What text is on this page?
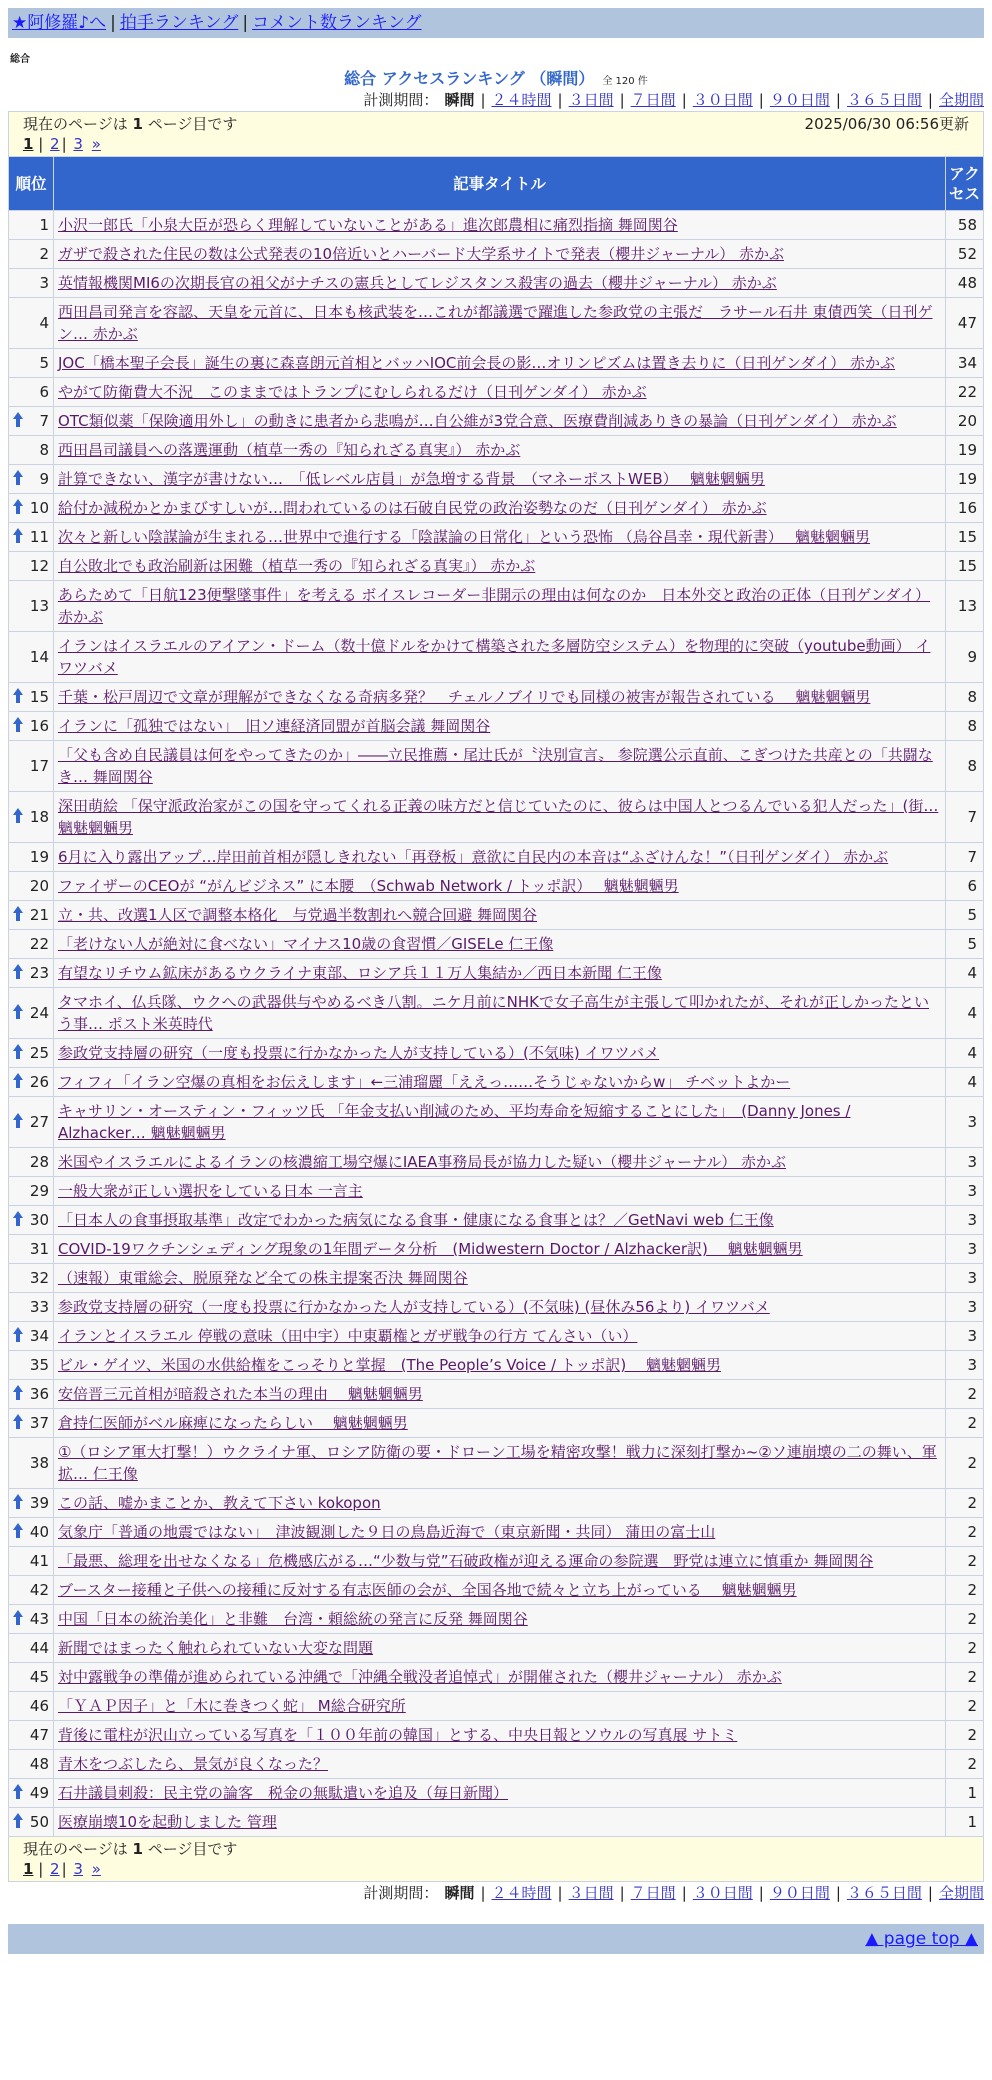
★阿修羅♪へ | 拍手ランキング | コメント数ランキング
総合
総合 アクセスランキング （瞬間） 全 120 件
計測期間： 瞬間 | ２４時間 | ３日間 | ７日間 | ３０日間 | ９０日間 | ３６５日間 | 全期間
現在のページは 1 ページ目です 2025/06/30 06:56更新
1 | 2 | 3 »		

順位	記事タイトル	アクセス
1	小沢一郎氏「小泉大臣が恐らく理解していないことがある」進次郎農相に痛烈指摘 舞岡関谷	58
2	ガザで殺された住民の数は公式発表の10倍近いとハーバード大学系サイトで発表（櫻井ジャーナル） 赤かぶ	52
3	英情報機関MI6の次期長官の祖父がナチスの憲兵としてレジスタンス殺害の過去（櫻井ジャーナル） 赤かぶ	48
4	西田昌司発言を容認、天皇を元首に、日本も核武装を…これが都議選で躍進した参政党の主張だ　ラサール石井 東債西笑（日刊ゲン… 赤かぶ	47
5	JOC「橋本聖子会長」誕生の裏に森喜朗元首相とバッハIOC前会長の影…オリンピズムは置き去りに（日刊ゲンダイ） 赤かぶ	34
6	やがて防衛費大不況　このままではトランプにむしられるだけ（日刊ゲンダイ） 赤かぶ	22

7	OTC類似薬「保険適用外し」の動きに患者から悲鳴が…自公維が3党合意、医療費削減ありきの暴論（日刊ゲンダイ） 赤かぶ	20
8	西田昌司議員への落選運動（植草一秀の『知られざる真実』） 赤かぶ	19

9	計算できない、漢字が書けない…　「低レベル店員」が急増する背景　（マネーポストWEB）　 魑魅魍魎男	19

10	給付か減税かとかまびすしいが…問われているのは石破自民党の政治姿勢なのだ（日刊ゲンダイ） 赤かぶ	16

11	次々と新しい陰謀論が生まれる…世界中で進行する「陰謀論の日常化」という恐怖 （烏谷昌幸・現代新書）　 魑魅魍魎男	15
12	自公敗北でも政治刷新は困難（植草一秀の『知られざる真実』） 赤かぶ	15
13	あらためて「日航123便撃墜事件」を考える ボイスレコーダー非開示の理由は何なのか　日本外交と政治の正体（日刊ゲンダイ） 赤かぶ	13
14	イランはイスラエルのアイアン・ドーム（数十億ドルをかけて構築された多層防空システム）を物理的に突破（youtube動画） イワツバメ	9

15	千葉・松戸周辺で文章が理解ができなくなる奇病多発？　チェルノブイリでも同様の被害が報告されている　 魑魅魍魎男	8

16	イランに「孤独ではない」　旧ソ連経済同盟が首脳会議 舞岡関谷	8
17	「父も含め自民議員は何をやってきたのか」――立民推薦・尾辻氏が〝決別宣言〟 参院選公示直前、こぎつけた共産との「共闘なき… 舞岡関谷	8

18	深田萌絵 「保守派政治家がこの国を守ってくれる正義の味方だと信じていたのに、彼らは中国人とつるんでいる犯人だった」(街… 魑魅魍魎男	7
19	6月に入り露出アップ…岸田前首相が隠しきれない「再登板」意欲に自民内の本音は“ふざけんな！”（日刊ゲンダイ） 赤かぶ	7
20	ファイザーのCEOが “がんビジネス” に本腰　（Schwab Network / トッポ訳）　 魑魅魍魎男	6

21	立・共、改選1人区で調整本格化　与党過半数割れへ競合回避 舞岡関谷	5
22	「老けない人が絶対に食べない」マイナス10歳の食習慣／GISELe 仁王像	5

23	有望なリチウム鉱床があるウクライナ東部、ロシア兵１１万人集結か／西日本新聞 仁王像	4

24	タマホイ、仏兵隊、ウクへの武器供与やめるべき八割。ニケ月前にNHKで女子高生が主張して叩かれたが、それが正しかったという事… ポスト米英時代	4

25	参政党支持層の研究（一度も投票に行かなかった人が支持している）(不気味) イワツバメ	4

26	フィフィ「イラン空爆の真相をお伝えします」←三浦瑠麗「ええっ……そうじゃないからw」 チベットよかー	4

27	キャサリン・オースティン・フィッツ氏 「年金支払い削減のため、平均寿命を短縮することにした」　(Danny Jones / Alzhacker… 魑魅魍魎男	3
28	米国やイスラエルによるイランの核濃縮工場空爆にIAEA事務局長が協力した疑い（櫻井ジャーナル） 赤かぶ	3
29	一般大衆が正しい選択をしている日本 一言主	3

30	「日本人の食事摂取基準」改定でわかった病気になる食事・健康になる食事とは？／GetNavi web 仁王像	3
31	COVID-19ワクチンシェディング現象の1年間データ分析　(Midwestern Doctor / Alzhacker訳)　 魑魅魍魎男	3
32	（速報）東電総会、脱原発など全ての株主提案否決 舞岡関谷	3
33	参政党支持層の研究（一度も投票に行かなかった人が支持している）(不気味) (昼休み56より) イワツバメ	3

34	イランとイスラエル 停戦の意味（田中宇）中東覇権とガザ戦争の行方 てんさい（い）	3
35	ビル・ゲイツ、米国の水供給権をこっそりと掌握　(The People’s Voice / トッポ訳)　 魑魅魍魎男	3

36	安倍晋三元首相が暗殺された本当の理由　 魑魅魍魎男	2

37	倉持仁医師がベル麻痺になったらしい　 魑魅魍魎男	2
38	①（ロシア軍大打撃！）ウクライナ軍、ロシア防衛の要・ドローン工場を精密攻撃！戦力に深刻打撃か~②ソ連崩壊の二の舞い、軍拡… 仁王像	2

39	この話、嘘かまことか、教えて下さい kokopon	2

40	気象庁「普通の地震ではない」　津波観測した９日の鳥島近海で（東京新聞・共同） 蒲田の富士山	2
41	「最悪、総理を出せなくなる」危機感広がる…“少数与党”石破政権が迎える運命の参院選　野党は連立に慎重か 舞岡関谷	2
42	ブースター接種と子供への接種に反対する有志医師の会が、全国各地で続々と立ち上がっている　 魑魅魍魎男	2

43	中国「日本の統治美化」と非難　台湾・頼総統の発言に反発 舞岡関谷	2
44	新聞ではまったく触れられていない大変な問題	2
45	対中露戦争の準備が進められている沖縄で「沖縄全戦没者追悼式」が開催された（櫻井ジャーナル） 赤かぶ	2
46	「ＹＡＰ因子」と「木に巻きつく蛇」 M総合研究所	2
47	背後に電柱が沢山立っている写真を「１００年前の韓国」とする、中央日報とソウルの写真展 サトミ	2
48	青木をつぶしたら、景気が良くなった？	2

49	石井議員刺殺：民主党の論客　税金の無駄遣いを追及（毎日新聞）	1

50	医療崩壊10を起動しました 管理	1
現在のページは 1 ページ目です
1 | 2 | 3 »		
計測期間： 瞬間 | ２４時間 | ３日間 | ７日間 | ３０日間 | ９０日間 | ３６５日間 | 全期間
▲ page top ▲
